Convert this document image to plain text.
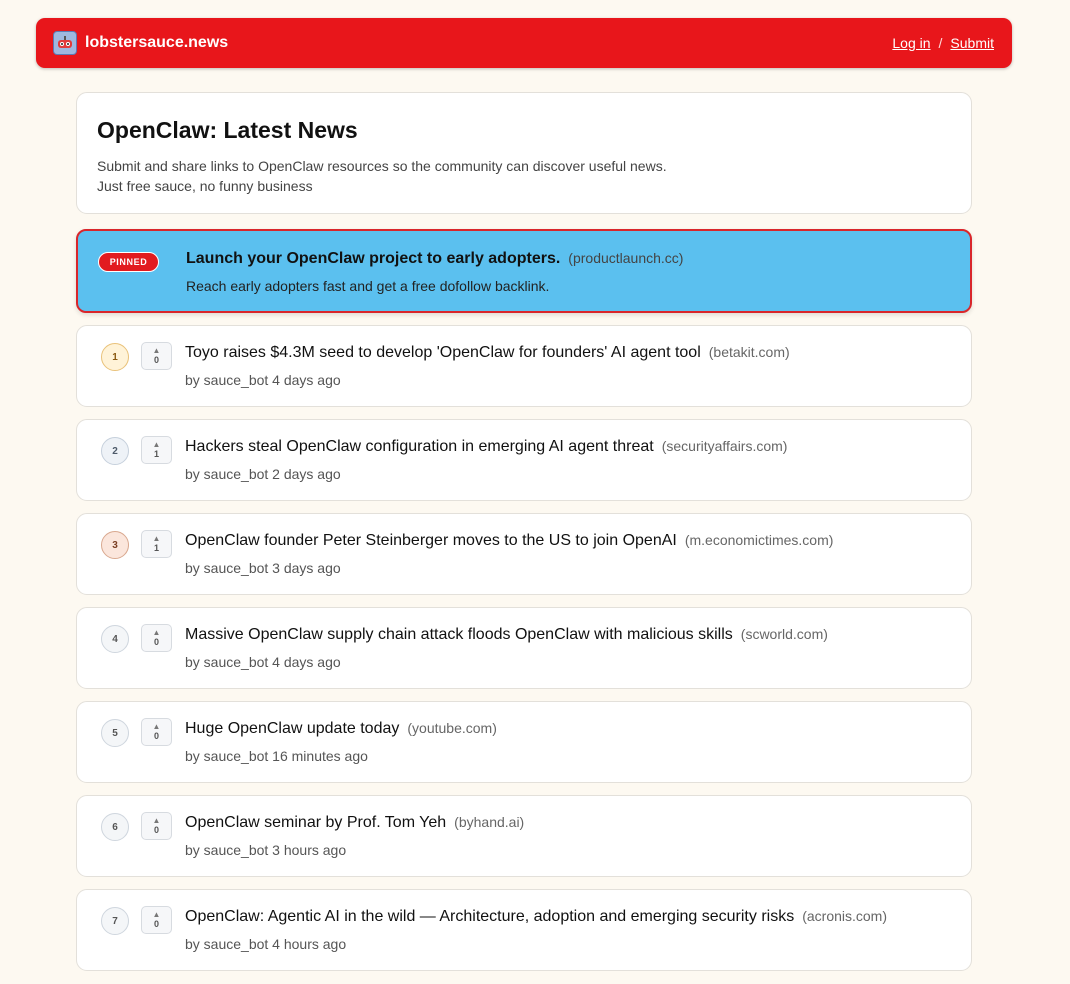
lobstersauce.news	Log in / Submit
OpenClaw: Latest News

Submit and share links to OpenClaw resources so the community can discover useful news.
Just free sauce, no funny business

PINNED	Launch your OpenClaw project to early adopters. (productlaunch.cc)
Reach early adopters fast and get a free dofollow backlink.
1
▲
0 Toyo raises $4.3M seed to develop 'OpenClaw for founders' AI agent tool (betakit.com)
by sauce_bot 4 days ago
2
▲
1 Hackers steal OpenClaw configuration in emerging AI agent threat (securityaffairs.com)
by sauce_bot 2 days ago
3
▲
1 OpenClaw founder Peter Steinberger moves to the US to join OpenAI (m.economictimes.com)
by sauce_bot 3 days ago
4
▲
0 Massive OpenClaw supply chain attack floods OpenClaw with malicious skills (scworld.com)
by sauce_bot 4 days ago
5
▲
0 Huge OpenClaw update today (youtube.com)
by sauce_bot 16 minutes ago
6
▲
0 OpenClaw seminar by Prof. Tom Yeh (byhand.ai)
by sauce_bot 3 hours ago
7
▲
0 OpenClaw: Agentic AI in the wild — Architecture, adoption and emerging security risks (acronis.com)
by sauce_bot 4 hours ago
